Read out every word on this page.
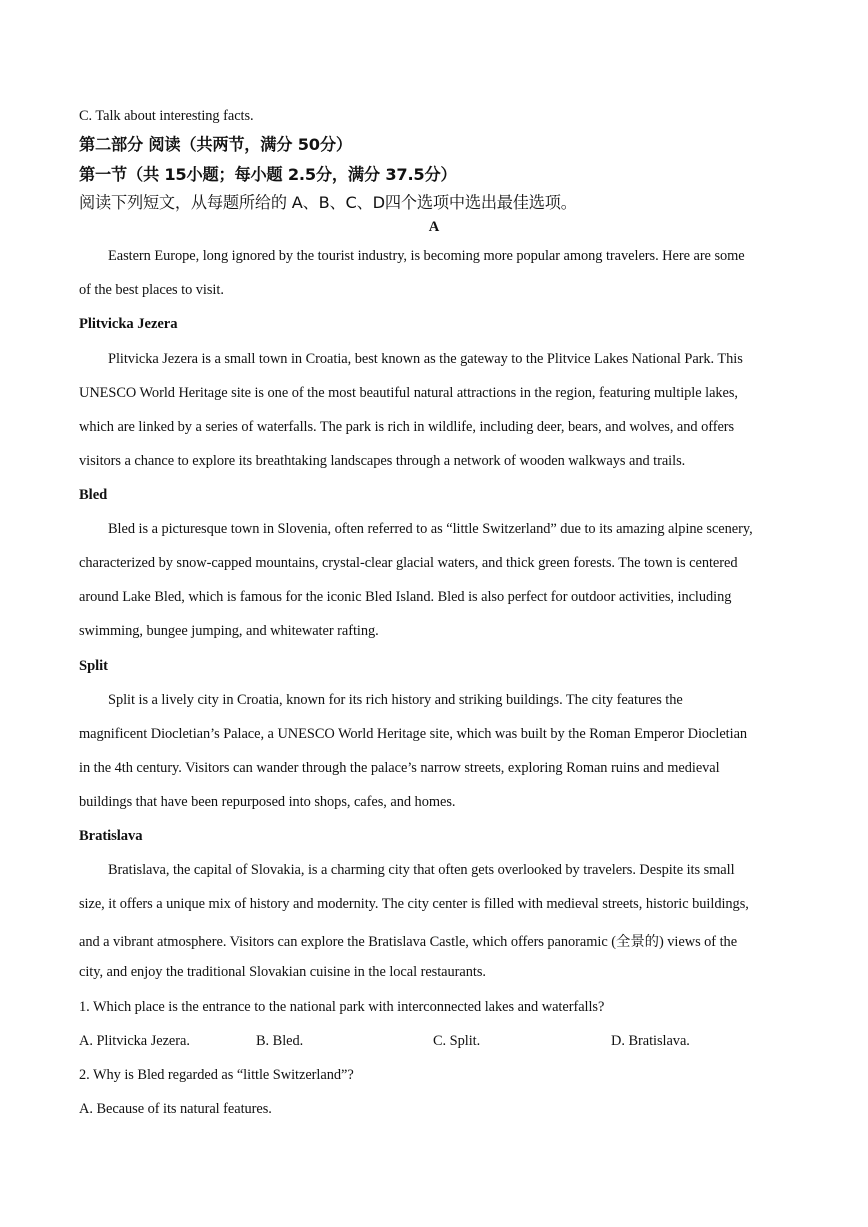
C. Talk about interesting facts.
第二部分 阅读（共两节，满分 50分）
第一节（共 15小题；每小题 2.5分，满分 37.5分）
阅读下列短文，从每题所给的 A、B、C、D四个选项中选出最佳选项。
A
Eastern Europe, long ignored by the tourist industry, is becoming more popular among travelers. Here are some
of the best places to visit.
Plitvicka Jezera
Plitvicka Jezera is a small town in Croatia, best known as the gateway to the Plitvice Lakes National Park. This
UNESCO World Heritage site is one of the most beautiful natural attractions in the region, featuring multiple lakes,
which are linked by a series of waterfalls. The park is rich in wildlife, including deer, bears, and wolves, and offers
visitors a chance to explore its breathtaking landscapes through a network of wooden walkways and trails.
Bled
Bled is a picturesque town in Slovenia, often referred to as “little Switzerland” due to its amazing alpine scenery,
characterized by snow-capped mountains, crystal-clear glacial waters, and thick green forests. The town is centered
around Lake Bled, which is famous for the iconic Bled Island. Bled is also perfect for outdoor activities, including
swimming, bungee jumping, and whitewater rafting.
Split
Split is a lively city in Croatia, known for its rich history and striking buildings. The city features the
magnificent Diocletian’s Palace, a UNESCO World Heritage site, which was built by the Roman Emperor Diocletian
in the 4th century. Visitors can wander through the palace’s narrow streets, exploring Roman ruins and medieval
buildings that have been repurposed into shops, cafes, and homes.
Bratislava
Bratislava, the capital of Slovakia, is a charming city that often gets overlooked by travelers. Despite its small
size, it offers a unique mix of history and modernity. The city center is filled with medieval streets, historic buildings,
and a vibrant atmosphere. Visitors can explore the Bratislava Castle, which offers panoramic (全景的) views of the
city, and enjoy the traditional Slovakian cuisine in the local restaurants.
1. Which place is the entrance to the national park with interconnected lakes and waterfalls?
A. Plitvicka Jezera.	B. Bled.	C. Split.	D. Bratislava.
2. Why is Bled regarded as “little Switzerland”?
A. Because of its natural features.
